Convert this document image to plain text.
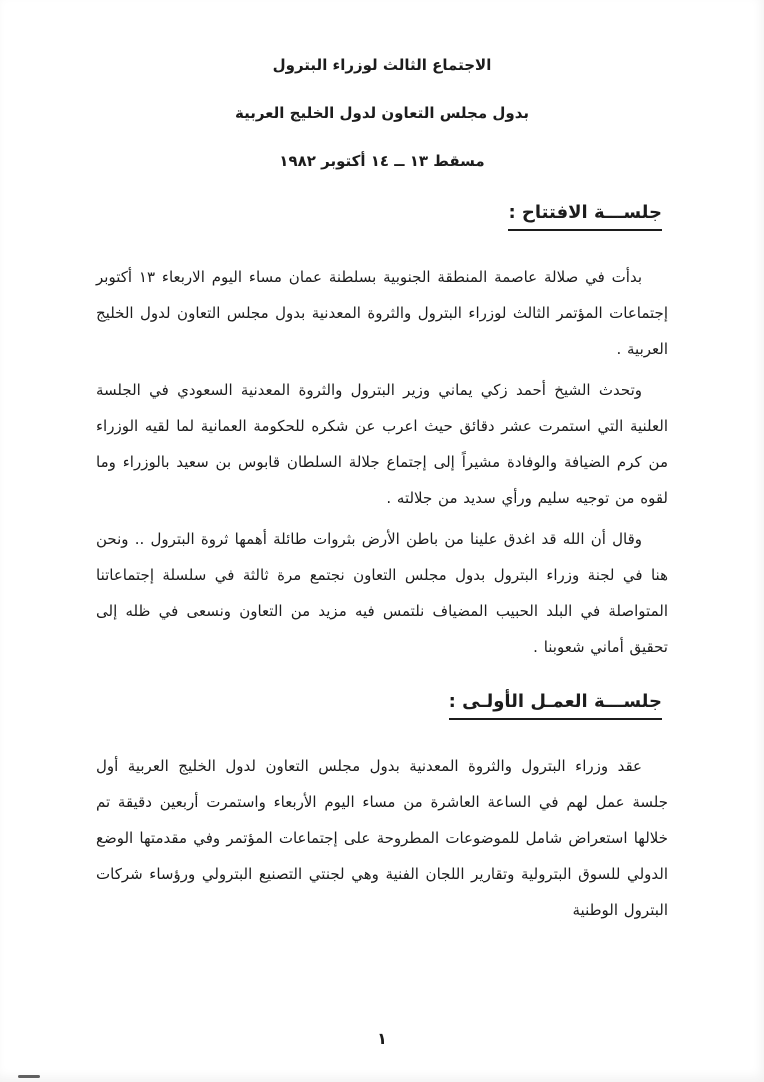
الاجتماع الثالث لوزراء البترول
بدول مجلس التعاون لدول الخليج العربية
مسقط ١٣ ــ ١٤ أكتوبر ١٩٨٢
جلســـة الافتتاح :

بدأت في صلالة عاصمة المنطقة الجنوبية بسلطنة عمان مساء اليوم الاربعاء ١٣ أكتوبر إجتماعات المؤتمر الثالث لوزراء البترول والثروة المعدنية بدول مجلس التعاون لدول الخليج العربية .

وتحدث الشيخ أحمد زكي يماني وزير البترول والثروة المعدنية السعودي في الجلسة العلنية التي استمرت عشر دقائق حيث اعرب عن شكره للحكومة العمانية لما لقيه الوزراء من كرم الضيافة والوفادة مشيراً إلى إجتماع جلالة السلطان قابوس بن سعيد بالوزراء وما لقوه من توجيه سليم ورأي سديد من جلالته .

وقال أن الله قد اغدق علينا من باطن الأرض بثروات طائلة أهمها ثروة البترول .. ونحن هنا في لجنة وزراء البترول بدول مجلس التعاون نجتمع مرة ثالثة في سلسلة إجتماعاتنا المتواصلة في البلد الحبيب المضياف نلتمس فيه مزيد من التعاون ونسعى في ظله إلى تحقيق أماني شعوبنا .

جلســـة العمـل الأولـى :

عقد وزراء البترول والثروة المعدنية بدول مجلس التعاون لدول الخليج العربية أول جلسة عمل لهم في الساعة العاشرة من مساء اليوم الأربعاء واستمرت أربعين دقيقة تم خلالها استعراض شامل للموضوعات المطروحة على إجتماعات المؤتمر وفي مقدمتها الوضع الدولي للسوق البترولية وتقارير اللجان الفنية وهي لجنتي التصنيع البترولي ورؤساء شركات البترول الوطنية

١
